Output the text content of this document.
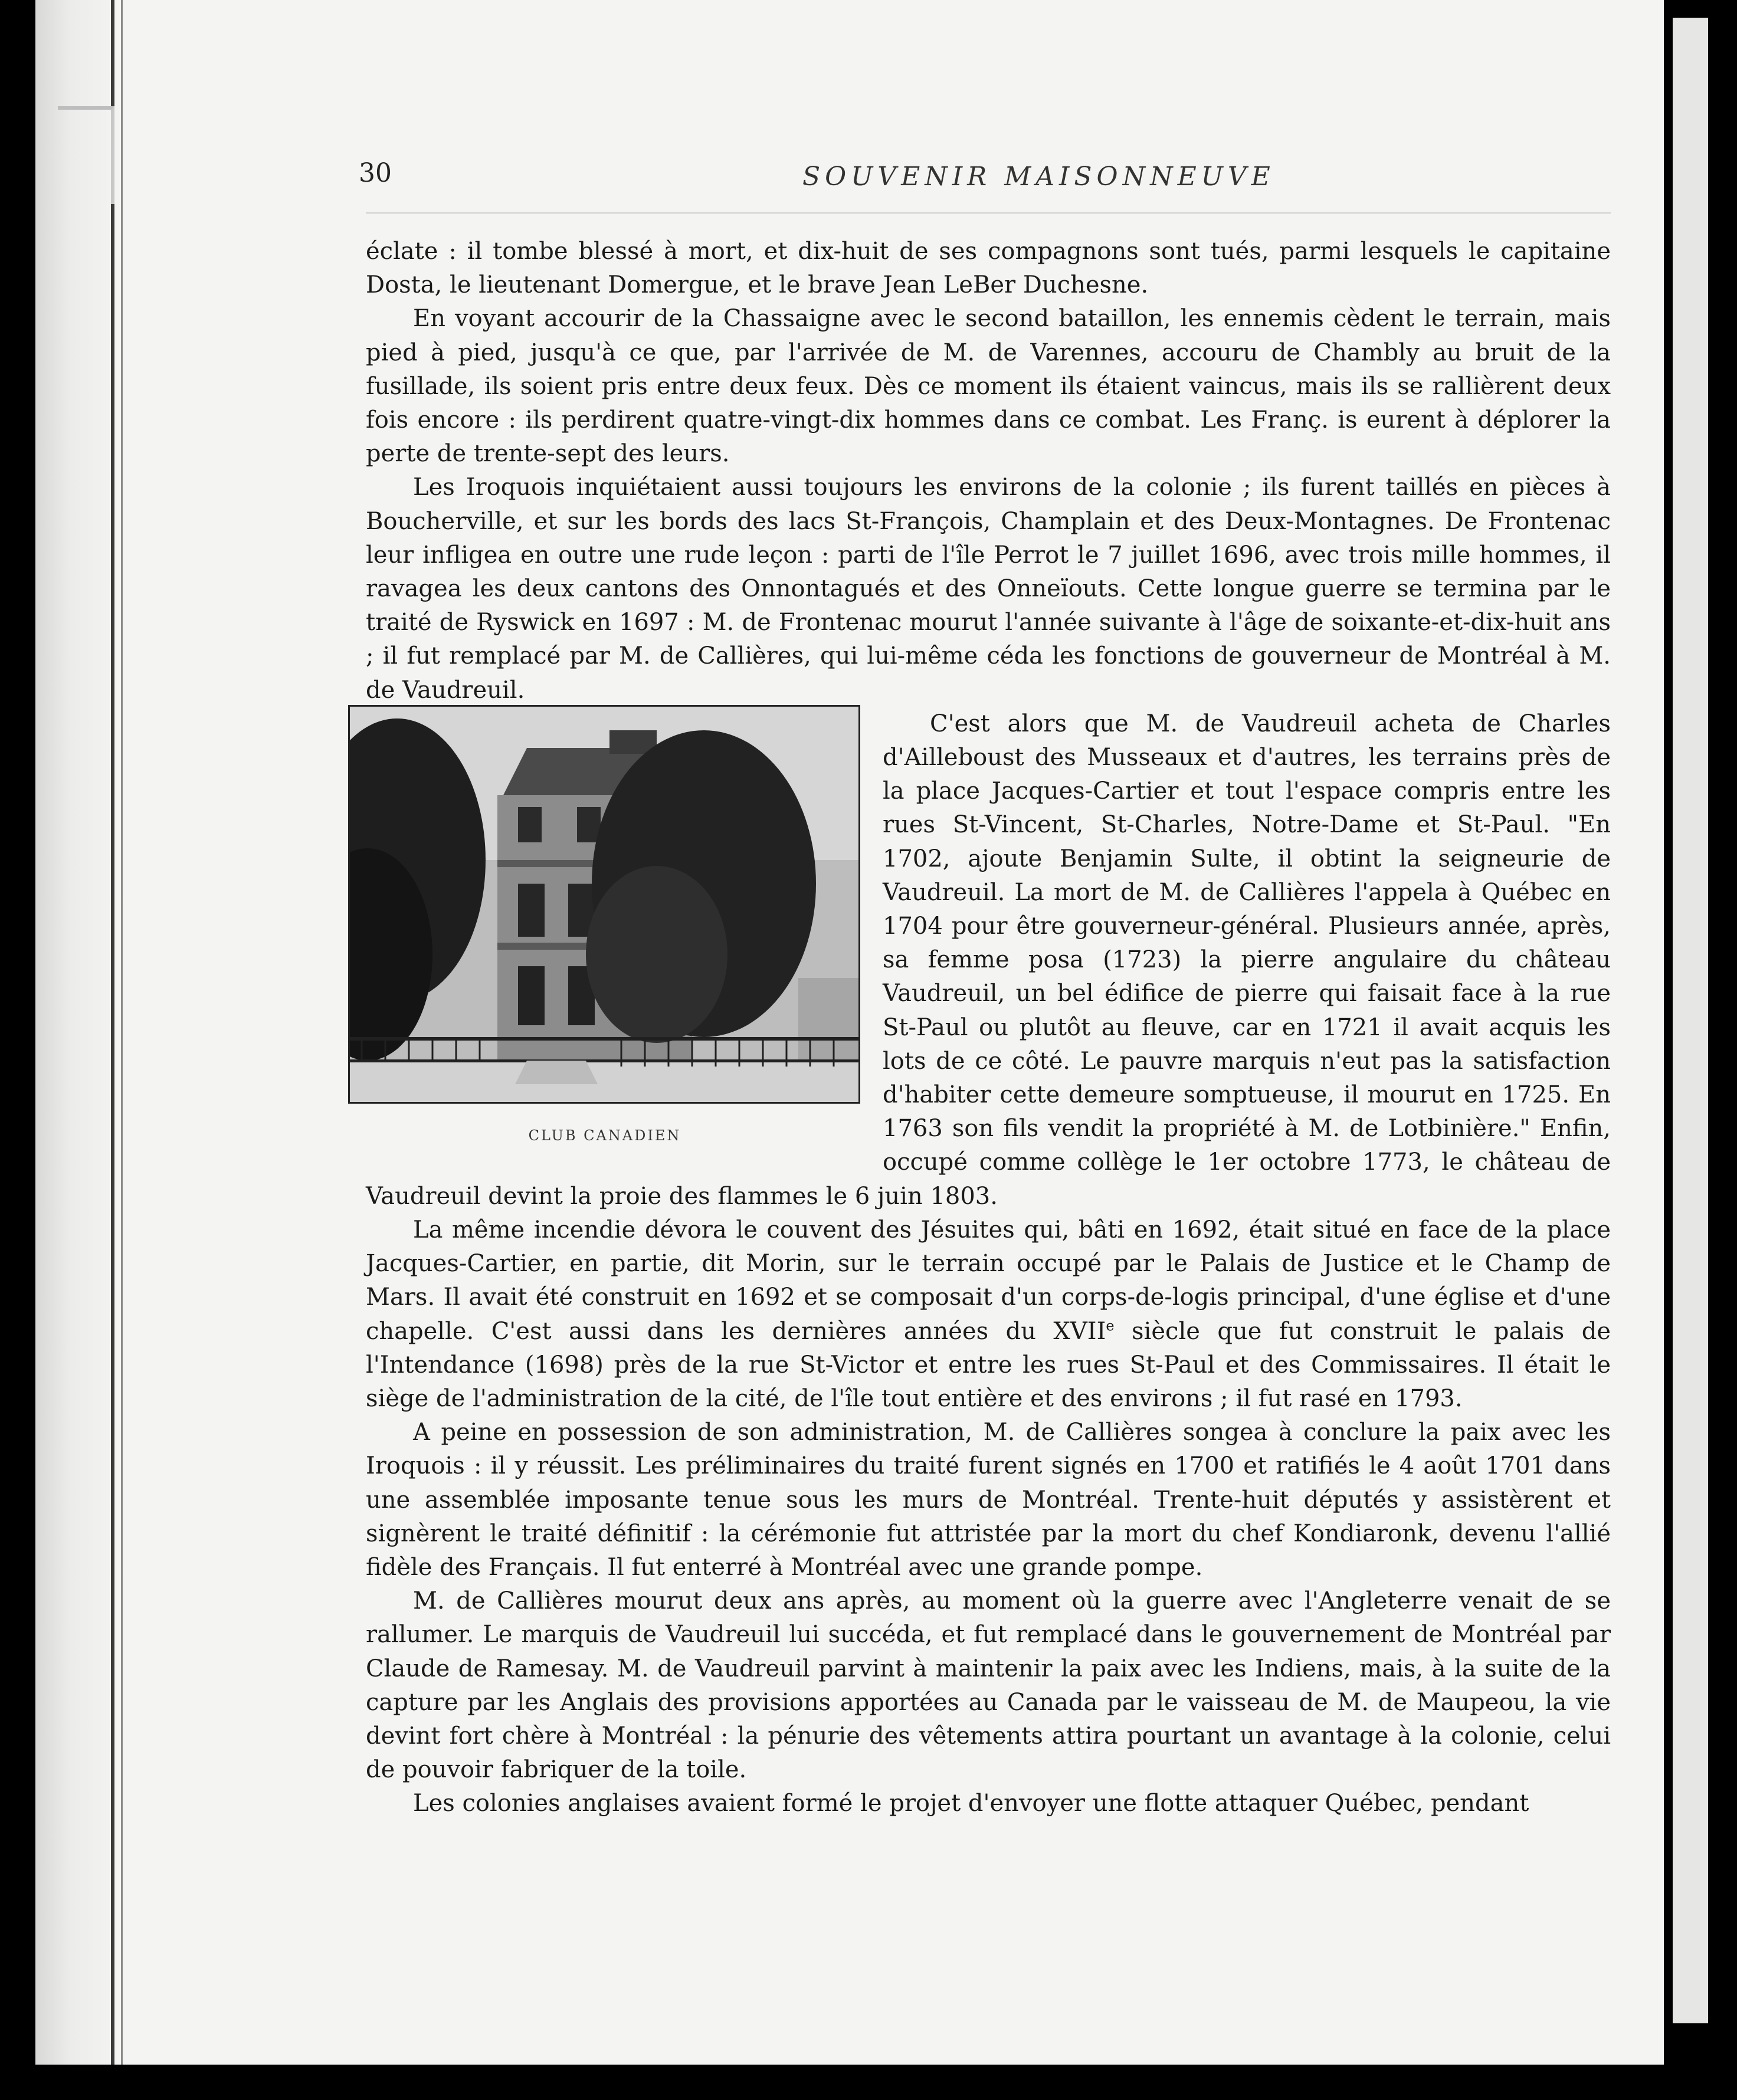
30	SOUVENIR MAISONNEUVE

éclate : il tombe blessé à mort, et dix-huit de ses compagnons sont tués, parmi lesquels le capitaine Dosta, le lieutenant Domergue, et le brave Jean LeBer Duchesne.

En voyant accourir de la Chassaigne avec le second bataillon, les ennemis cèdent le terrain, mais pied à pied, jusqu'à ce que, par l'arrivée de M. de Varennes, accouru de Chambly au bruit de la fusillade, ils soient pris entre deux feux. Dès ce moment ils étaient vaincus, mais ils se rallièrent deux fois encore : ils perdirent quatre-vingt-dix hommes dans ce combat. Les Franç. is eurent à déplorer la perte de trente-sept des leurs.

Les Iroquois inquiétaient aussi toujours les environs de la colonie ; ils furent taillés en pièces à Boucherville, et sur les bords des lacs St-François, Champlain et des Deux-Montagnes. De Frontenac leur infligea en outre une rude leçon : parti de l'île Perrot le 7 juillet 1696, avec trois mille hommes, il ravagea les deux cantons des Onnontagués et des Onneïouts. Cette longue guerre se termina par le traité de Ryswick en 1697 : M. de Frontenac mourut l'année suivante à l'âge de soixante-et-dix-huit ans ; il fut remplacé par M. de Callières, qui lui-même céda les fonctions de gouverneur de Montréal à M. de Vaudreuil.

CLUB CANADIEN

C'est alors que M. de Vaudreuil acheta de Charles d'Ailleboust des Musseaux et d'autres, les terrains près de la place Jacques-Cartier et tout l'espace compris entre les rues St-Vincent, St-Charles, Notre-Dame et St-Paul. "En 1702, ajoute Benjamin Sulte, il obtint la seigneurie de Vaudreuil. La mort de M. de Callières l'appela à Québec en 1704 pour être gouverneur-général. Plusieurs année, après, sa femme posa (1723) la pierre angulaire du château Vaudreuil, un bel édifice de pierre qui faisait face à la rue St-Paul ou plutôt au fleuve, car en 1721 il avait acquis les lots de ce côté. Le pauvre marquis n'eut pas la satisfaction d'habiter cette demeure somptueuse, il mourut en 1725. En 1763 son fils vendit la propriété à M. de Lotbinière." Enfin, occupé comme collège le 1er octobre 1773, le château de Vaudreuil devint la proie des flammes le 6 juin 1803.

La même incendie dévora le couvent des Jésuites qui, bâti en 1692, était situé en face de la place Jacques-Cartier, en partie, dit Morin, sur le terrain occupé par le Palais de Justice et le Champ de Mars. Il avait été construit en 1692 et se composait d'un corps-de-logis principal, d'une église et d'une chapelle. C'est aussi dans les dernières années du XVIIe siècle que fut construit le palais de l'Intendance (1698) près de la rue St-Victor et entre les rues St-Paul et des Commissaires. Il était le siège de l'administration de la cité, de l'île tout entière et des environs ; il fut rasé en 1793.

A peine en possession de son administration, M. de Callières songea à conclure la paix avec les Iroquois : il y réussit. Les préliminaires du traité furent signés en 1700 et ratifiés le 4 août 1701 dans une assemblée imposante tenue sous les murs de Montréal. Trente-huit députés y assistèrent et signèrent le traité définitif : la cérémonie fut attristée par la mort du chef Kondiaronk, devenu l'allié fidèle des Français. Il fut enterré à Montréal avec une grande pompe.

M. de Callières mourut deux ans après, au moment où la guerre avec l'Angleterre venait de se rallumer. Le marquis de Vaudreuil lui succéda, et fut remplacé dans le gouvernement de Montréal par Claude de Ramesay. M. de Vaudreuil parvint à maintenir la paix avec les Indiens, mais, à la suite de la capture par les Anglais des provisions apportées au Canada par le vaisseau de M. de Maupeou, la vie devint fort chère à Montréal : la pénurie des vêtements attira pourtant un avantage à la colonie, celui de pouvoir fabriquer de la toile.

Les colonies anglaises avaient formé le projet d'envoyer une flotte attaquer Québec, pendant
